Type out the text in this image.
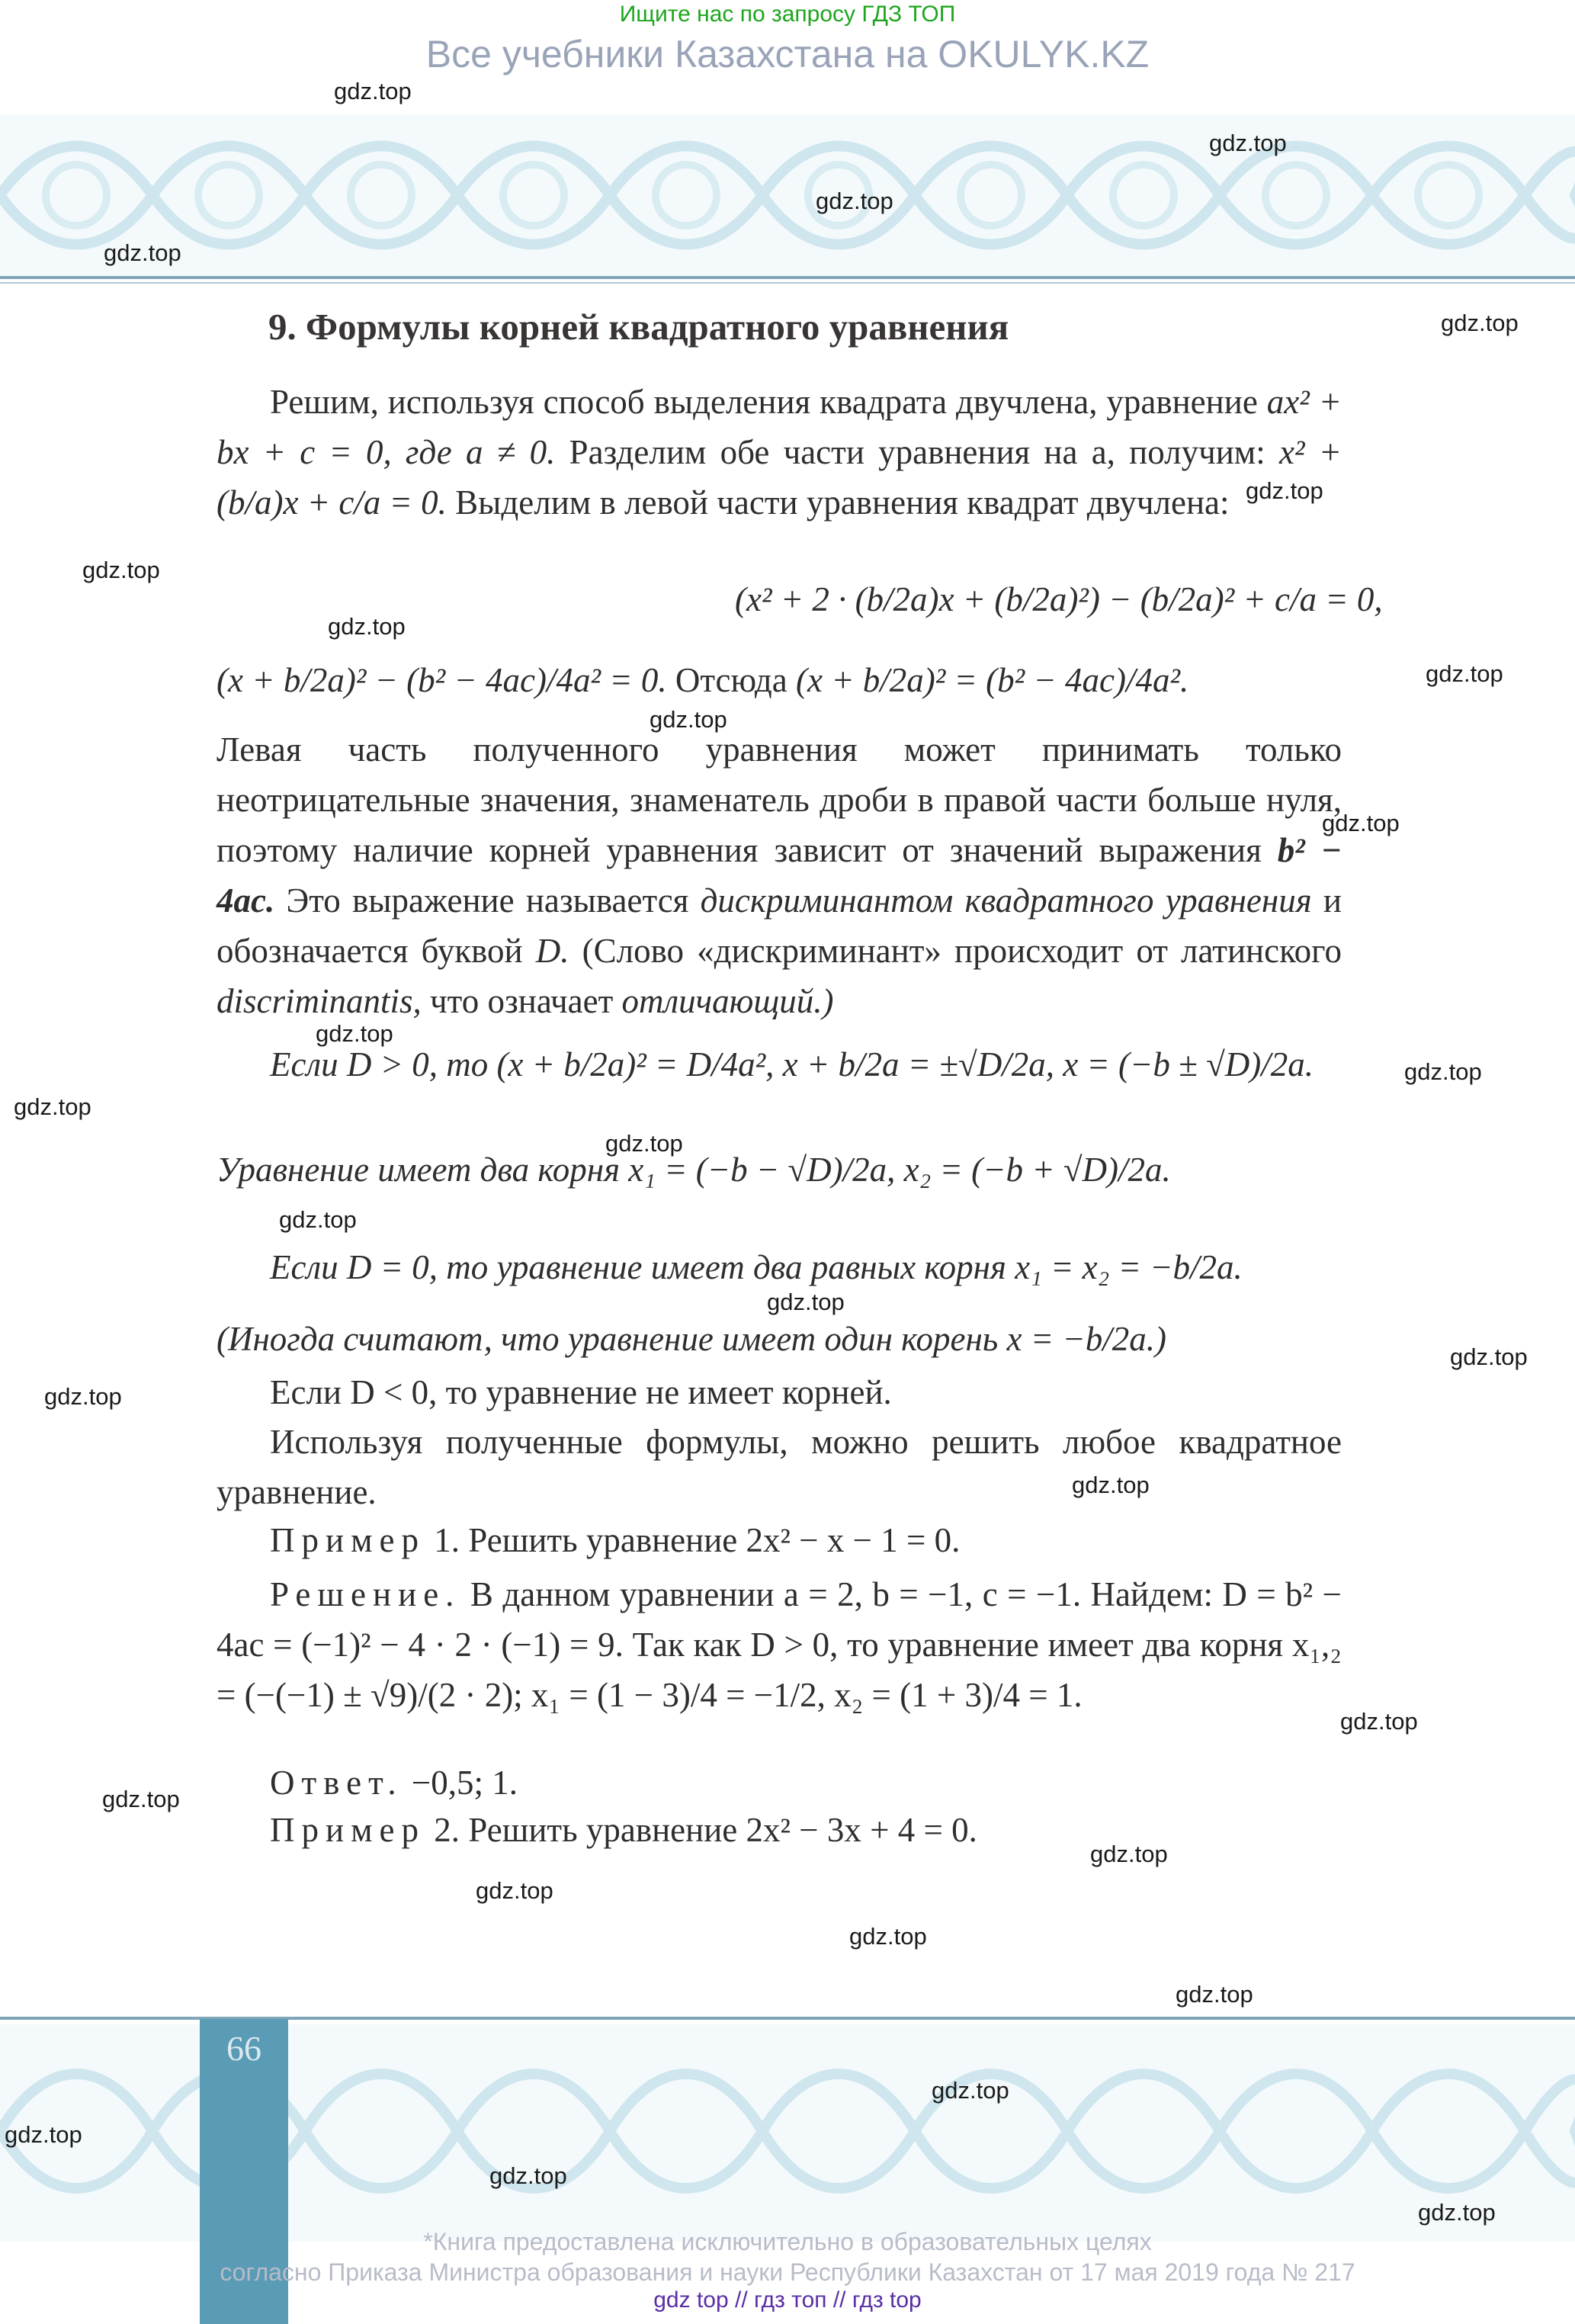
Ищите нас по запросу ГДЗ ТОП
Все учебники Казахстана на OKULYK.KZ
9. Формулы корней квадратного уравнения
Решим, используя способ выделения квадрата двучлена, уравнение ax² + bx + c = 0, где a ≠ 0. Разделим обе части уравнения на a, получим: x² + (b/a)x + c/a = 0. Выделим в левой части уравнения квадрат двучлена:
(x² + 2 · (b/2a)x + (b/2a)²) − (b/2a)² + c/a = 0,
(x + b/2a)² − (b² − 4ac)/4a² = 0. Отсюда (x + b/2a)² = (b² − 4ac)/4a².
Левая часть полученного уравнения может принимать только неотрицательные значения, знаменатель дроби в правой части больше нуля, поэтому наличие корней уравнения зависит от значений выражения b² − 4ac. Это выражение называется дискриминантом квадратного уравнения и обозначается буквой D. (Слово «дискриминант» происходит от латинского discriminantis, что означает отличающий.)
Если D > 0, то (x + b/2a)² = D/4a², x + b/2a = ±√D/2a, x = (−b ± √D)/2a.
Уравнение имеет два корня x₁ = (−b − √D)/2a, x₂ = (−b + √D)/2a.
Если D = 0, то уравнение имеет два равных корня x₁ = x₂ = −b/2a.
(Иногда считают, что уравнение имеет один корень x = −b/2a.)
Если D < 0, то уравнение не имеет корней.
Используя полученные формулы, можно решить любое квадратное уравнение.
Пример 1. Решить уравнение 2x² − x − 1 = 0.
Решение. В данном уравнении a = 2, b = −1, c = −1. Найдем: D = b² − 4ac = (−1)² − 4 · 2 · (−1) = 9. Так как D > 0, то уравнение имеет два корня x₁,₂ = (−(−1) ± √9)/(2 · 2); x₁ = (1 − 3)/4 = −1/2, x₂ = (1 + 3)/4 = 1.
Ответ. −0,5; 1.
Пример 2. Решить уравнение 2x² − 3x + 4 = 0.
66
*Книга предоставлена исключительно в образовательных целях
согласно Приказа Министра образования и науки Республики Казахстан от 17 мая 2019 года № 217
gdz top // гдз топ // гдз top
gdz.top
gdz.top
gdz.top
gdz.top
gdz.top
gdz.top
gdz.top
gdz.top
gdz.top
gdz.top
gdz.top
gdz.top
gdz.top
gdz.top
gdz.top
gdz.top
gdz.top
gdz.top
gdz.top
gdz.top
gdz.top
gdz.top
gdz.top
gdz.top
gdz.top
gdz.top
gdz.top
gdz.top
gdz.top
gdz.top
